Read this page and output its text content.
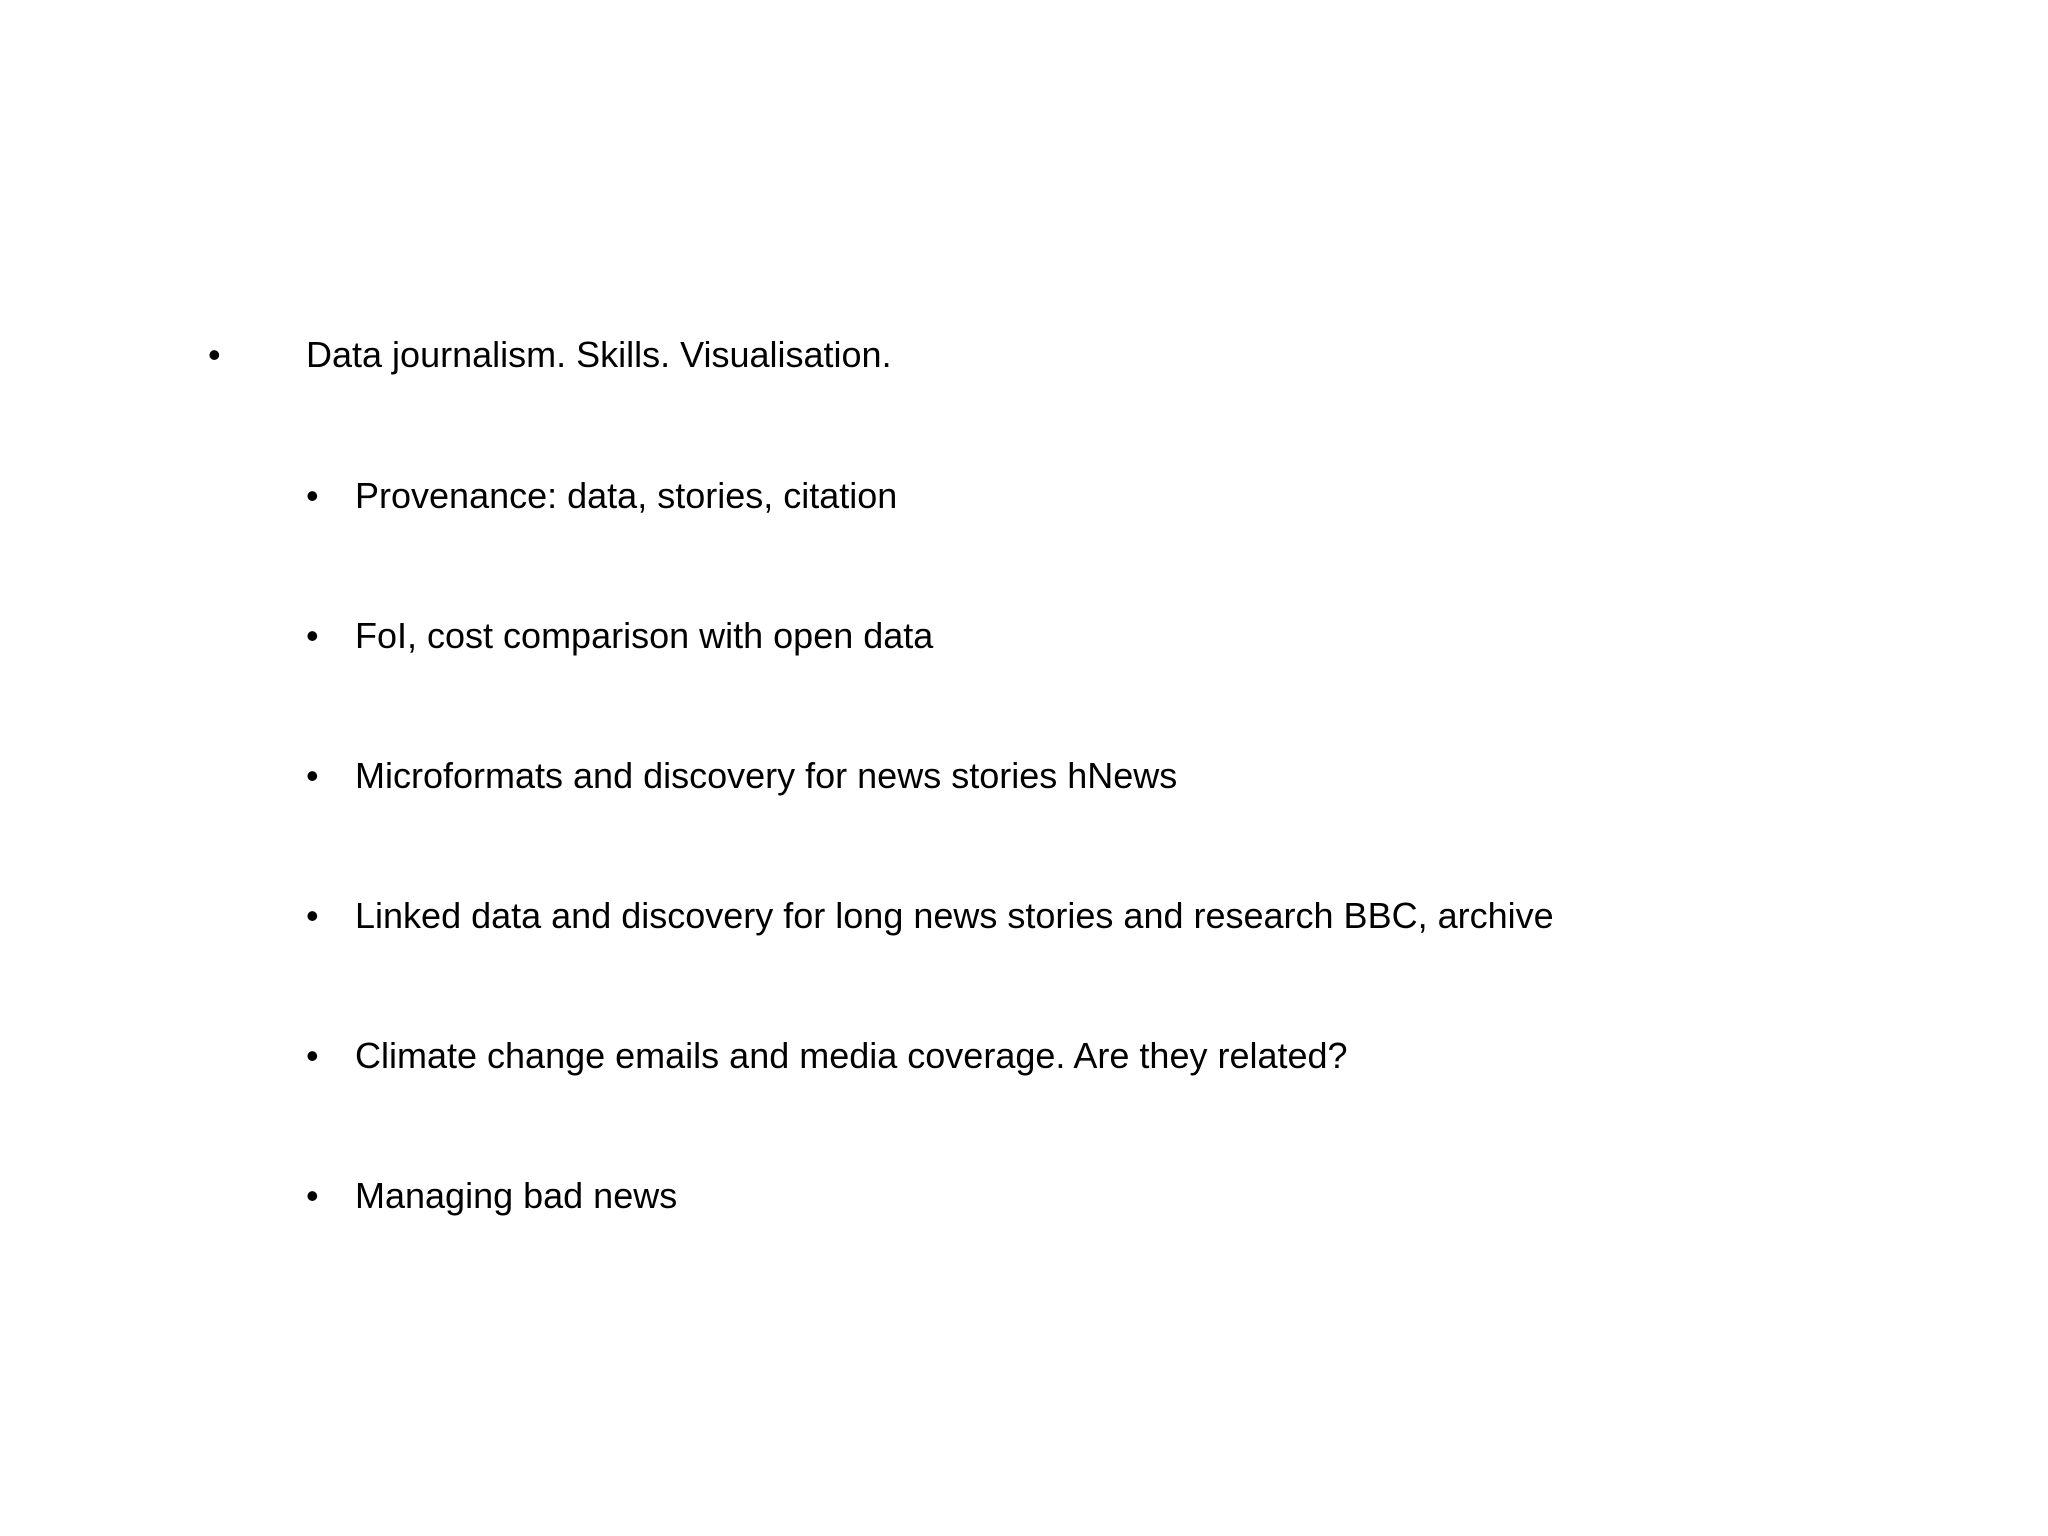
• Data journalism. Skills. Visualisation.
• Provenance: data, stories, citation
• FoI, cost comparison with open data
• Microformats and discovery for news stories hNews
• Linked data and discovery for long news stories and research BBC, archive
• Climate change emails and media coverage. Are they related?
• Managing bad news
